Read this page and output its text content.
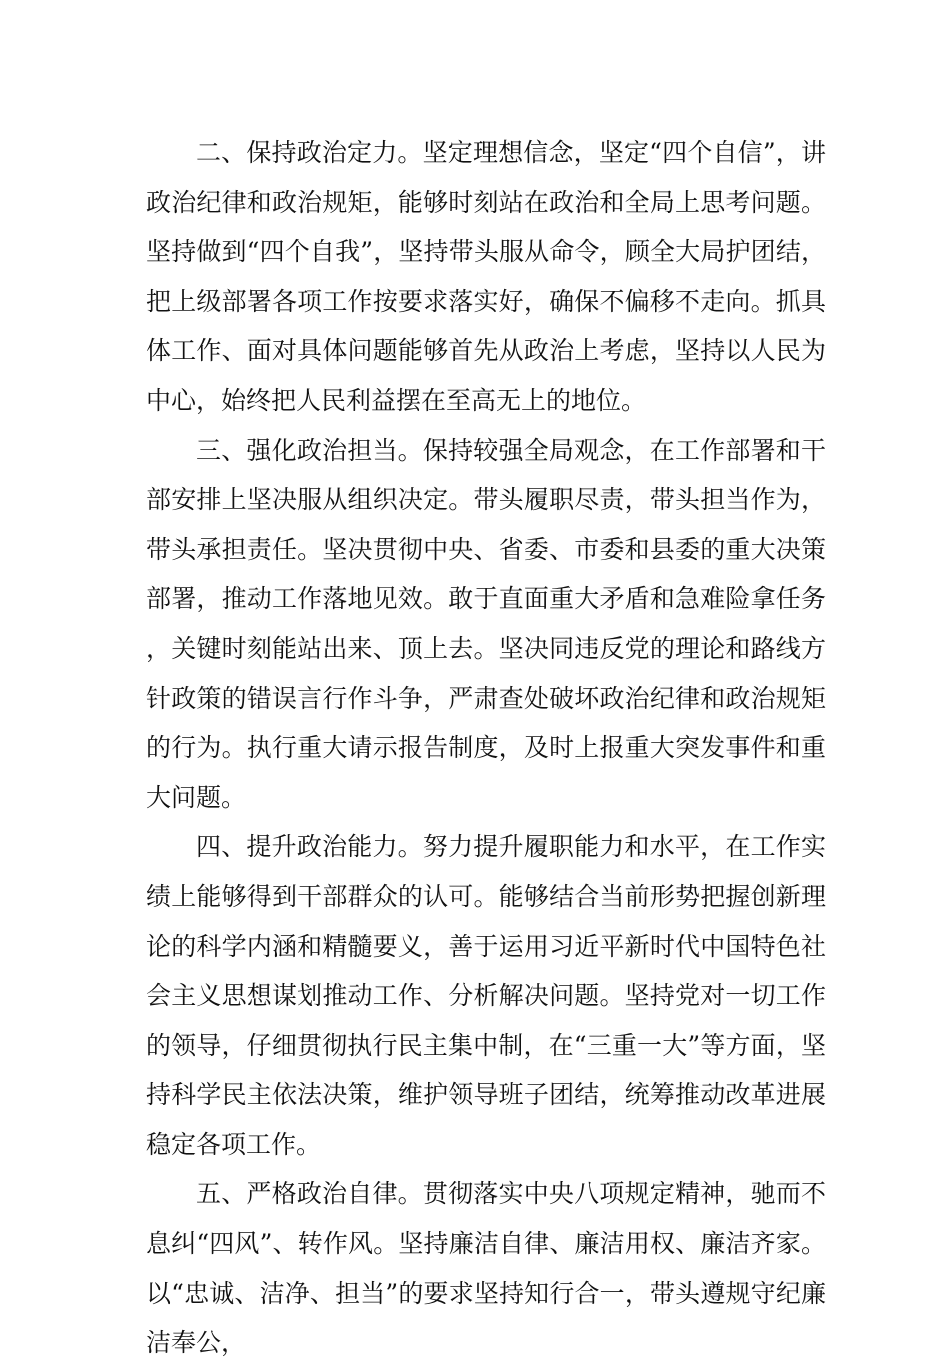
二、保持政治定力。坚定理想信念，坚定“四个自信”，讲政治纪律和政治规矩，能够时刻站在政治和全局上思考问题。坚持做到“四个自我”，坚持带头服从命令，顾全大局护团结，把上级部署各项工作按要求落实好，确保不偏移不走向。抓具体工作、面对具体问题能够首先从政治上考虑，坚持以人民为中心，始终把人民利益摆在至高无上的地位。

三、强化政治担当。保持较强全局观念，在工作部署和干部安排上坚决服从组织决定。带头履职尽责，带头担当作为，带头承担责任。坚决贯彻中央、省委、市委和县委的重大决策部署，推动工作落地见效。敢于直面重大矛盾和急难险拿任务，关键时刻能站出来、顶上去。坚决同违反党的理论和路线方针政策的错误言行作斗争，严肃查处破坏政治纪律和政治规矩的行为。执行重大请示报告制度，及时上报重大突发事件和重大问题。

四、提升政治能力。努力提升履职能力和水平，在工作实绩上能够得到干部群众的认可。能够结合当前形势把握创新理论的科学内涵和精髓要义，善于运用习近平新时代中国特色社会主义思想谋划推动工作、分析解决问题。坚持党对一切工作的领导，仔细贯彻执行民主集中制，在“三重一大”等方面，坚持科学民主依法决策，维护领导班子团结，统筹推动改革进展稳定各项工作。

五、严格政治自律。贯彻落实中央八项规定精神，驰而不息纠“四风”、转作风。坚持廉洁自律、廉洁用权、廉洁齐家。以“忠诚、洁净、担当”的要求坚持知行合一，带头遵规守纪廉洁奉公，
